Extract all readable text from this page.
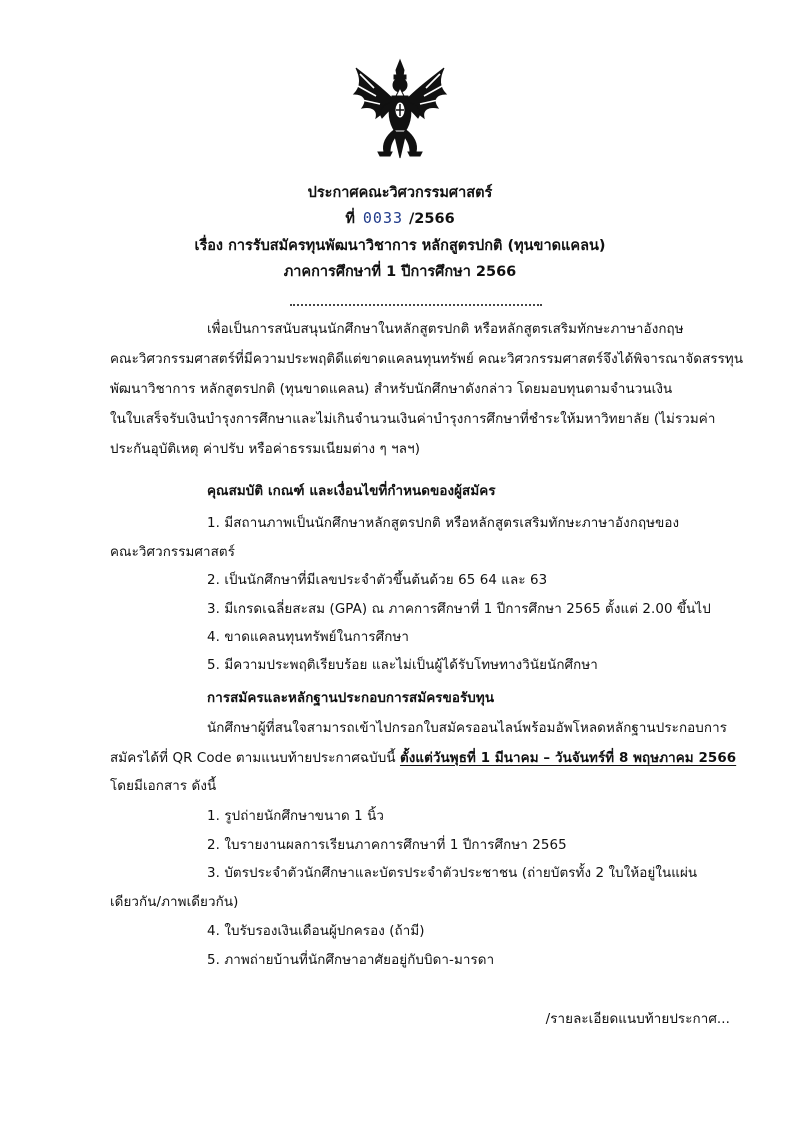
ประกาศคณะวิศวกรรมศาสตร์
ที่ 0033 /2566
เรื่อง การรับสมัครทุนพัฒนาวิชาการ หลักสูตรปกติ (ทุนขาดแคลน)
ภาคการศึกษาที่ 1 ปีการศึกษา 2566
เพื่อเป็นการสนับสนุนนักศึกษาในหลักสูตรปกติ หรือหลักสูตรเสริมทักษะภาษาอังกฤษ
คณะวิศวกรรมศาสตร์ที่มีความประพฤติดีแต่ขาดแคลนทุนทรัพย์ คณะวิศวกรรมศาสตร์จึงได้พิจารณาจัดสรรทุน
พัฒนาวิชาการ หลักสูตรปกติ (ทุนขาดแคลน) สำหรับนักศึกษาดังกล่าว โดยมอบทุนตามจำนวนเงิน
ในใบเสร็จรับเงินบำรุงการศึกษาและไม่เกินจำนวนเงินค่าบำรุงการศึกษาที่ชำระให้มหาวิทยาลัย (ไม่รวมค่า
ประกันอุบัติเหตุ ค่าปรับ หรือค่าธรรมเนียมต่าง ๆ ฯลฯ)
คุณสมบัติ เกณฑ์ และเงื่อนไขที่กำหนดของผู้สมัคร
1. มีสถานภาพเป็นนักศึกษาหลักสูตรปกติ หรือหลักสูตรเสริมทักษะภาษาอังกฤษของ
คณะวิศวกรรมศาสตร์
2. เป็นนักศึกษาที่มีเลขประจำตัวขึ้นต้นด้วย 65 64 และ 63
3. มีเกรดเฉลี่ยสะสม (GPA) ณ ภาคการศึกษาที่ 1 ปีการศึกษา 2565 ตั้งแต่ 2.00 ขึ้นไป
4. ขาดแคลนทุนทรัพย์ในการศึกษา
5. มีความประพฤติเรียบร้อย และไม่เป็นผู้ได้รับโทษทางวินัยนักศึกษา
การสมัครและหลักฐานประกอบการสมัครขอรับทุน
นักศึกษาผู้ที่สนใจสามารถเข้าไปกรอกใบสมัครออนไลน์พร้อมอัพโหลดหลักฐานประกอบการ
สมัครได้ที่ QR Code ตามแนบท้ายประกาศฉบับนี้ ตั้งแต่วันพุธที่ 1 มีนาคม – วันจันทร์ที่ 8 พฤษภาคม 2566
โดยมีเอกสาร ดังนี้
1. รูปถ่ายนักศึกษาขนาด 1 นิ้ว
2. ใบรายงานผลการเรียนภาคการศึกษาที่ 1 ปีการศึกษา 2565
3. บัตรประจำตัวนักศึกษาและบัตรประจำตัวประชาชน (ถ่ายบัตรทั้ง 2 ใบให้อยู่ในแผ่น
เดียวกัน/ภาพเดียวกัน)
4. ใบรับรองเงินเดือนผู้ปกครอง (ถ้ามี)
5. ภาพถ่ายบ้านที่นักศึกษาอาศัยอยู่กับบิดา-มารดา
/รายละเอียดแนบท้ายประกาศ...
